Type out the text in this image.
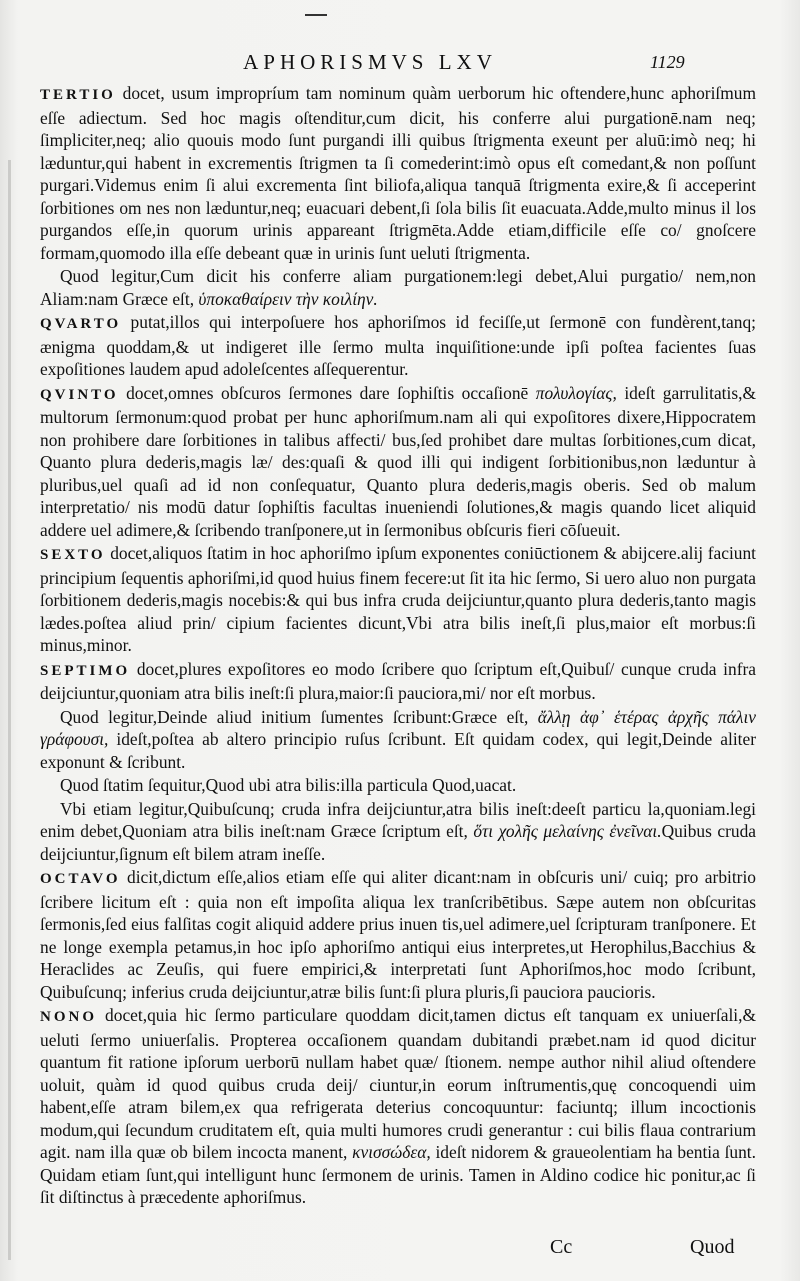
APHORISMVS LXV	1129

TERTIO docet, usum impropríum tam nominum quàm uerborum hic oftendere,hunc aphoriſmum eſſe adiectum. Sed hoc magis oſtenditur,cum dicit, his conferre alui purgationē.nam neq; ſimpliciter,neq; alio quouis modo ſunt purgandi illi quibus ſtrigmenta exeunt per aluū:imò neq; hi læduntur,qui habent in excrementis ſtrigmen ta ſi comederint:imò opus eſt comedant,& non poſſunt purgari.Videmus enim ſi alui excrementa ſint biliofa,aliqua tanquā ſtrigmenta exire,& ſi acceperint ſorbitiones om nes non læduntur,neq; euacuari debent,ſi ſola bilis ſit euacuata.Adde,multo minus il los purgandos eſſe,in quorum urinis appareant ſtrigmēta.Adde etiam,difficile eſſe co/ gnoſcere formam,quomodo illa eſſe debeant quæ in urinis ſunt ueluti ſtrigmenta.

Quod legitur,Cum dicit his conferre aliam purgationem:legi debet,Alui purgatio/ nem,non Aliam:nam Græce eſt, ὑποκαθαίρειν τὴν κοιλίην.

QVARTO putat,illos qui interpoſuere hos aphoriſmos id feciſſe,ut ſermonē con fundèrent,tanq; ænigma quoddam,& ut indigeret ille ſermo multa inquiſitione:unde ipſi poſtea facientes ſuas expoſitiones laudem apud adoleſcentes aſſequerentur.

QVINTO docet,omnes obſcuros ſermones dare ſophiſtis occaſionē πολυλογίας, ideſt garrulitatis,& multorum ſermonum:quod probat per hunc aphoriſmum.nam ali qui expoſitores dixere,Hippocratem non prohibere dare ſorbitiones in talibus affecti/ bus,ſed prohibet dare multas ſorbitiones,cum dicat, Quanto plura dederis,magis læ/ des:quaſi & quod illi qui indigent ſorbitionibus,non læduntur à pluribus,uel quaſi ad id non conſequatur, Quanto plura dederis,magis oberis. Sed ob malum interpretatio/ nis modū datur ſophiſtis facultas inueniendi ſolutiones,& magis quando licet aliquid addere uel adimere,& ſcribendo tranſponere,ut in ſermonibus obſcuris fieri cōſueuit.

SEXTO docet,aliquos ſtatim in hoc aphoriſmo ipſum exponentes coniūctionem & abijcere.alij faciunt principium ſequentis aphoriſmi,id quod huius finem fecere:ut ſit ita hic ſermo, Si uero aluo non purgata ſorbitionem dederis,magis nocebis:& qui bus infra cruda deijciuntur,quanto plura dederis,tanto magis lædes.poſtea aliud prin/ cipium facientes dicunt,Vbi atra bilis ineſt,ſi plus,maior eſt morbus:ſi minus,minor.

SEPTIMO docet,plures expoſitores eo modo ſcribere quo ſcriptum eſt,Quibuſ/ cunque cruda infra deijciuntur,quoniam atra bilis ineſt:ſi plura,maior:ſi pauciora,mi/ nor eſt morbus.

Quod legitur,Deinde aliud initium ſumentes ſcribunt:Græce eſt, ἄλλῃ ἀφ᾽ ἑτέρας ἀρχῆς πάλιν γράφουσι, ideſt,poſtea ab altero principio ruſus ſcribunt. Eſt quidam codex, qui legit,Deinde aliter exponunt & ſcribunt.

Quod ſtatim ſequitur,Quod ubi atra bilis:illa particula Quod,uacat.

Vbi etiam legitur,Quibuſcunq; cruda infra deijciuntur,atra bilis ineſt:deeſt particu la,quoniam.legi enim debet,Quoniam atra bilis ineſt:nam Græce ſcriptum eſt, ὅτι χολῆς μελαίνης ἐνεῖναι.Quibus cruda deijciuntur,ſignum eſt bilem atram ineſſe.

OCTAVO dicit,dictum eſſe,alios etiam eſſe qui aliter dicant:nam in obſcuris uni/ cuiq; pro arbitrio ſcribere licitum eſt : quia non eſt impoſita aliqua lex tranſcribētibus. Sæpe autem non obſcuritas ſermonis,ſed eius falſitas cogit aliquid addere prius inuen tis,uel adimere,uel ſcripturam tranſponere. Et ne longe exempla petamus,in hoc ipſo aphoriſmo antiqui eius interpretes,ut Herophilus,Bacchius & Heraclides ac Zeuſis, qui fuere empirici,& interpretati ſunt Aphoriſmos,hoc modo ſcribunt, Quibuſcunq; inferius cruda deijciuntur,atræ bilis ſunt:ſi plura pluris,ſi pauciora paucioris.

NONO docet,quia hic ſermo particulare quoddam dicit,tamen dictus eſt tanquam ex uniuerſali,& ueluti ſermo uniuerſalis. Propterea occaſionem quandam dubitandi præbet.nam id quod dicitur quantum fit ratione ipſorum uerborū nullam habet quæ/ ſtionem. nempe author nihil aliud oſtendere uoluit, quàm id quod quibus cruda deij/ ciuntur,in eorum inſtrumentis,quę concoquendi uim habent,eſſe atram bilem,ex qua refrigerata deterius concoquuntur: faciuntq; illum incoctionis modum,qui ſecundum cruditatem eſt, quia multi humores crudi generantur : cui bilis flaua contrarium agit. nam illa quæ ob bilem incocta manent, κνισσώδεα, ideſt nidorem & graueolentiam ha bentia ſunt. Quidam etiam ſunt,qui intelligunt hunc ſermonem de urinis. Tamen in Aldino codice hic ponitur,ac ſi ſit diſtinctus à præcedente aphoriſmus.

Cc	Quod
